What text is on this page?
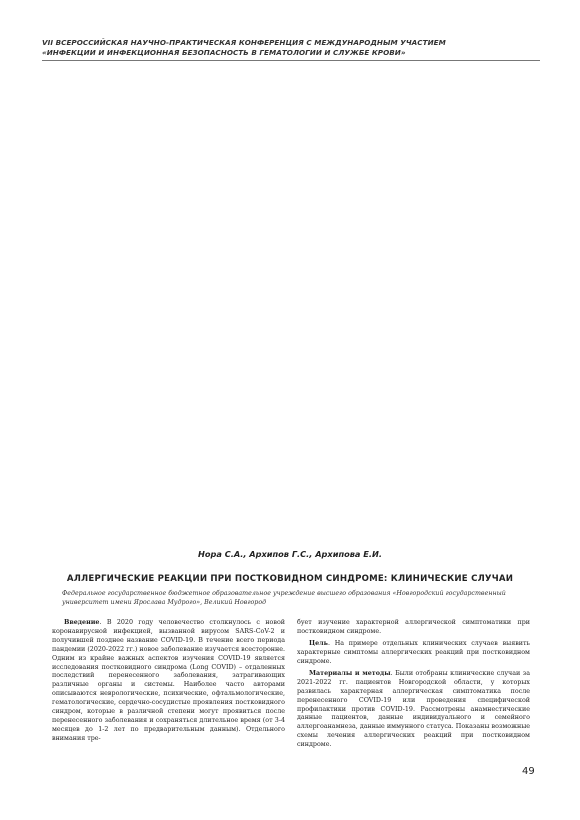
VII ВСЕРОССИЙСКАЯ НАУЧНО-ПРАКТИЧЕСКАЯ КОНФЕРЕНЦИЯ С МЕЖДУНАРОДНЫМ УЧАСТИЕМ
«ИНФЕКЦИИ И ИНФЕКЦИОННАЯ БЕЗОПАСНОСТЬ В ГЕМАТОЛОГИИ И СЛУЖБЕ КРОВИ»
Нора С.А., Архипов Г.С., Архипова Е.И.
АЛЛЕРГИЧЕСКИЕ РЕАКЦИИ ПРИ ПОСТКОВИДНОМ СИНДРОМЕ: КЛИНИЧЕСКИЕ СЛУЧАИ
Федеральное государственное бюджетное образовательное учреждение высшего образования «Новгородский государственный университет имени Ярослава Мудрого», Великий Новгород

Введение. В 2020 году человечество столкнулось с новой коронавирусной инфекцией, вызванной вирусом SARS-CoV-2 и получившей позднее название COVID-19. В течение всего периода пандемии (2020-2022 гг.) новое заболевание изучается всесторонне. Одним из крайне важных аспектов изучения COVID-19 является исследования постковидного синдрома (Long COVID) – отдаленных последствий перенесенного заболевания, затрагивающих различные органы и системы. Наиболее часто авторами описываются неврологические, психические, офтальмологические, гематологические, сердечно-сосудистые проявления постковидного синдром, которые в различной степени могут проявиться после перенесенного заболевания и сохраняться длительное время (от 3-4 месяцев до 1-2 лет по предварительным данным). Отдельного внимания тре-

бует изучение характерной аллергической симптоматики при постковидном синдроме.

Цель. На примере отдельных клинических случаев выявить характерные симптомы аллергических реакций при постковидном синдроме.

Материалы и методы. Были отобраны клинические случаи за 2021-2022 гг. пациентов Новгородской области, у которых развилась характерная аллергическая симптоматика после перенесенного COVID-19 или проведения специфической профилактики против COVID-19. Рассмотрены анамнестические данные пациентов, данные индивидуального и семейного аллергоанамнеза, данные иммунного статуса. Показаны возможные схемы лечения аллергических реакций при постковидном синдроме.

49
